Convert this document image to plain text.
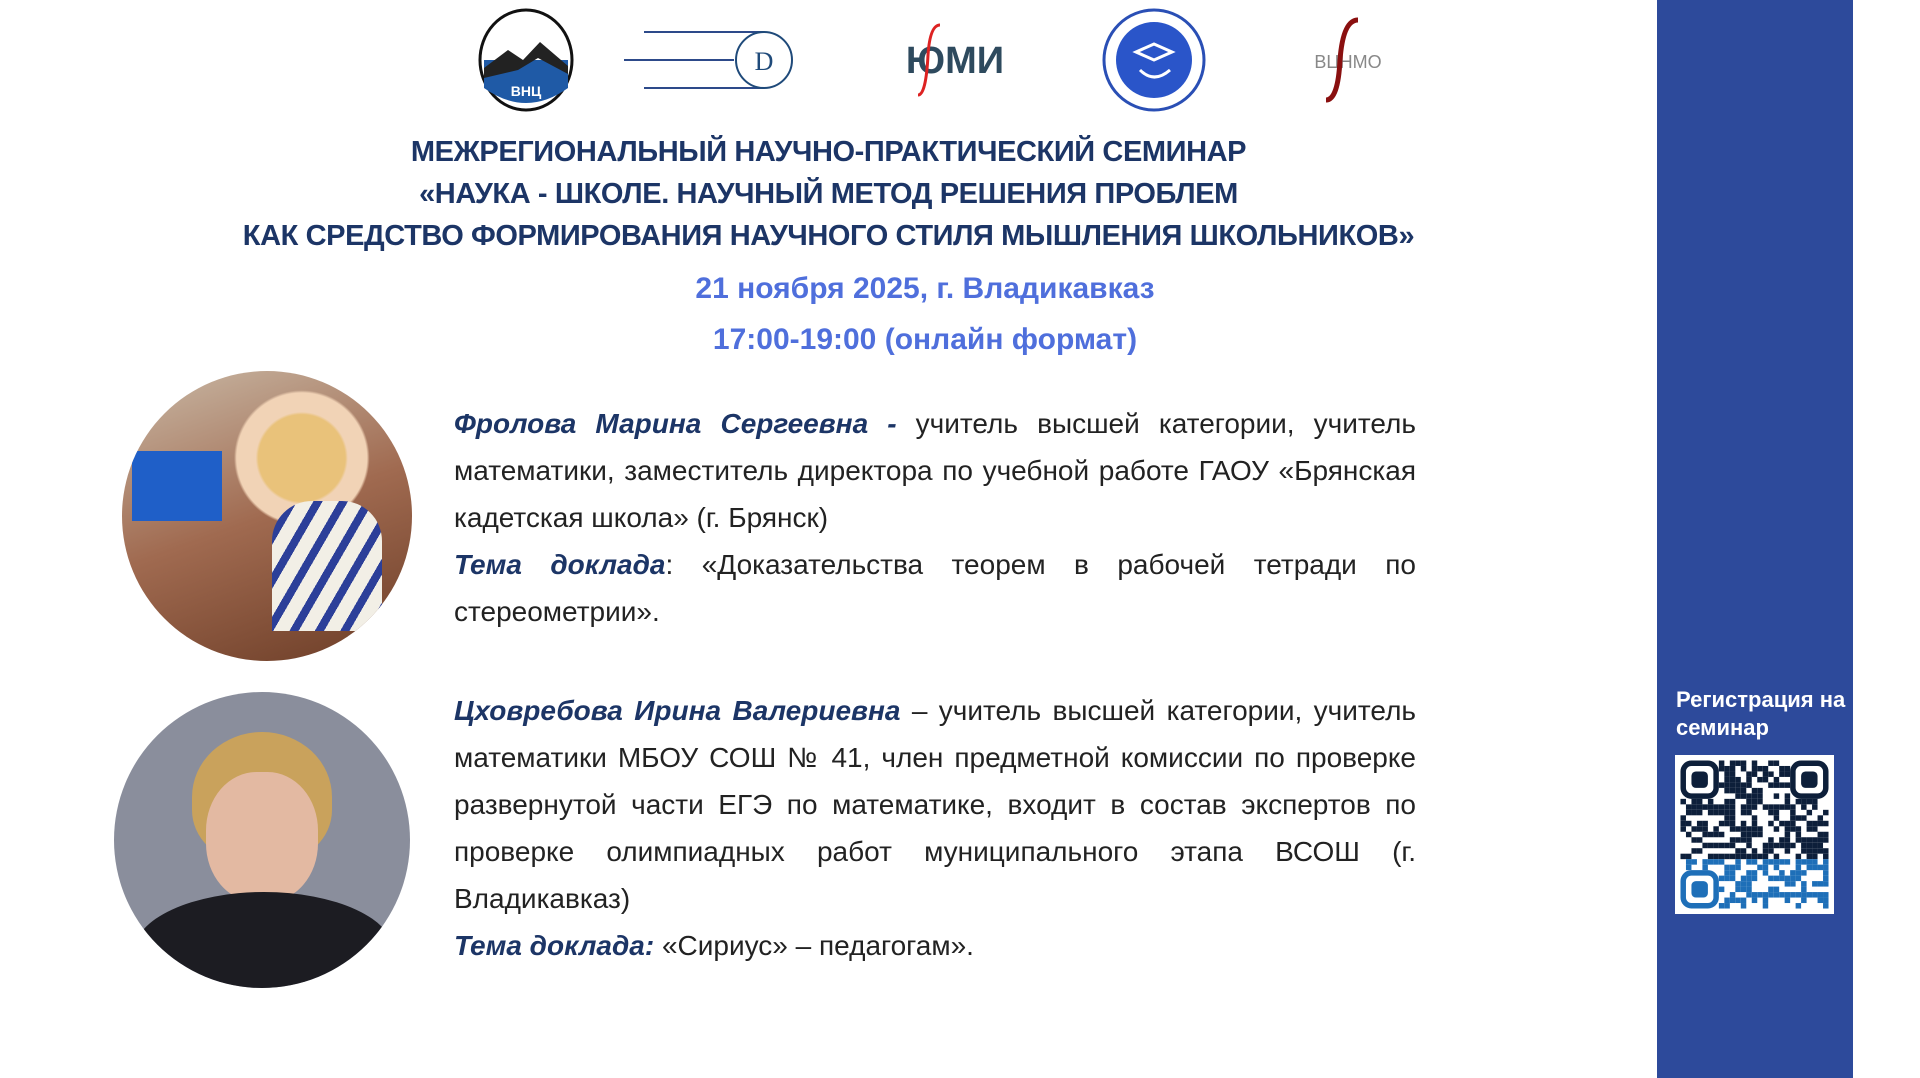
ВНЦ
D	ЮМИ	ВЦНМО
МЕЖРЕГИОНАЛЬНЫЙ НАУЧНО-ПРАКТИЧЕСКИЙ СЕМИНАР
«НАУКА - ШКОЛЕ. НАУЧНЫЙ МЕТОД РЕШЕНИЯ ПРОБЛЕМ
КАК СРЕДСТВО ФОРМИРОВАНИЯ НАУЧНОГО СТИЛЯ МЫШЛЕНИЯ ШКОЛЬНИКОВ»
21 ноября 2025, г. Владикавказ
17:00-19:00 (онлайн формат)
Фролова Марина Сергеевна - учитель высшей категории, учитель математики, заместитель директора по учебной работе ГАОУ «Брянская кадетская школа» (г. Брянск)
Тема доклада: «Доказательства теорем в рабочей тетради по стереометрии».
Цховребова Ирина Валериевна – учитель высшей категории, учитель математики МБОУ СОШ № 41, член предметной комиссии по проверке развернутой части ЕГЭ по математике, входит в состав экспертов по проверке олимпиадных работ муниципального этапа ВСОШ (г. Владикавказ)
Тема доклада: «Сириус» – педагогам».
Регистрация на семинар
